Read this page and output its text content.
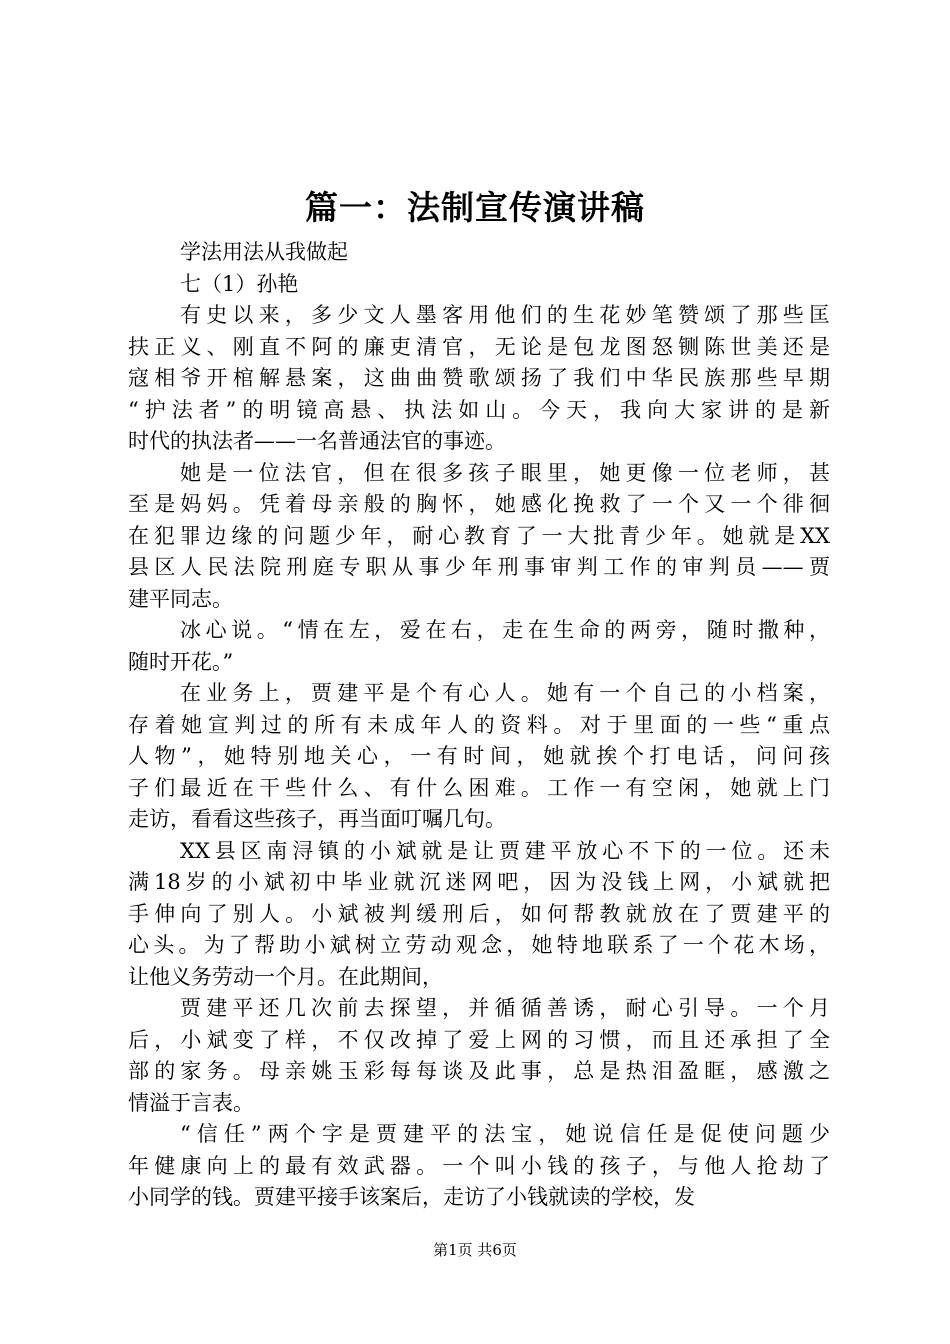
篇一：法制宣传演讲稿
学法用法从我做起
七（1）孙艳
有史以来，多少文人墨客用他们的生花妙笔赞颂了那些匡
扶正义、刚直不阿的廉吏清官，无论是包龙图怒铡陈世美还是
寇相爷开棺解悬案，这曲曲赞歌颂扬了我们中华民族那些早期
“护法者”的明镜高悬、执法如山。今天，我向大家讲的是新
时代的执法者——一名普通法官的事迹。
她是一位法官，但在很多孩子眼里，她更像一位老师，甚
至是妈妈。凭着母亲般的胸怀，她感化挽救了一个又一个徘徊
在犯罪边缘的问题少年，耐心教育了一大批青少年。她就是XX
县区人民法院刑庭专职从事少年刑事审判工作的审判员——贾
建平同志。
冰心说。“情在左，爱在右，走在生命的两旁，随时撒种，
随时开花。”
在业务上，贾建平是个有心人。她有一个自己的小档案，
存着她宣判过的所有未成年人的资料。对于里面的一些“重点
人物”，她特别地关心，一有时间，她就挨个打电话，问问孩
子们最近在干些什么、有什么困难。工作一有空闲，她就上门
走访，看看这些孩子，再当面叮嘱几句。
XX县区南浔镇的小斌就是让贾建平放心不下的一位。还未
满18岁的小斌初中毕业就沉迷网吧，因为没钱上网，小斌就把
手伸向了别人。小斌被判缓刑后，如何帮教就放在了贾建平的
心头。为了帮助小斌树立劳动观念，她特地联系了一个花木场，
让他义务劳动一个月。在此期间，
贾建平还几次前去探望，并循循善诱，耐心引导。一个月
后，小斌变了样，不仅改掉了爱上网的习惯，而且还承担了全
部的家务。母亲姚玉彩每每谈及此事，总是热泪盈眶，感激之
情溢于言表。
“信任”两个字是贾建平的法宝，她说信任是促使问题少
年健康向上的最有效武器。一个叫小钱的孩子，与他人抢劫了
小同学的钱。贾建平接手该案后，走访了小钱就读的学校，发
第1页 共6页
